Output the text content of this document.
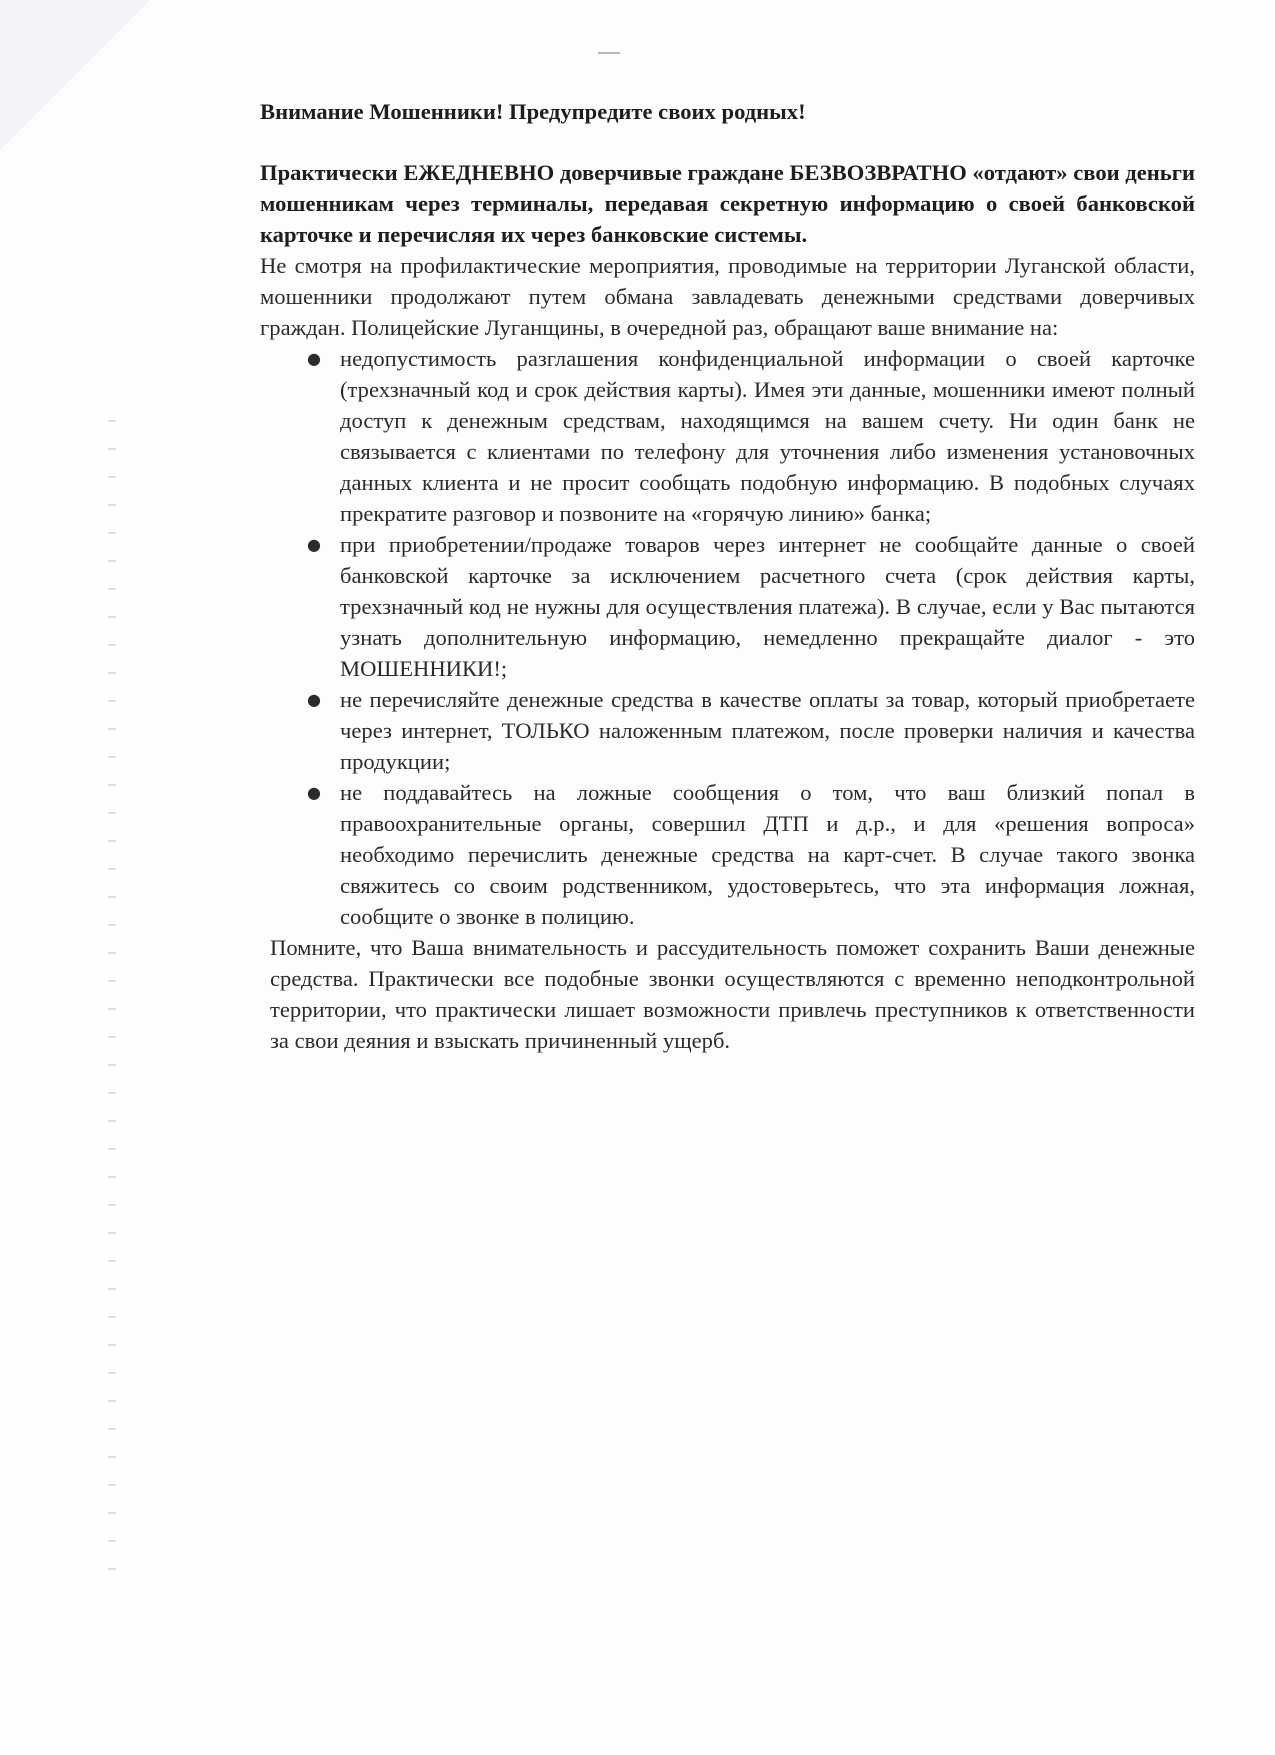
Внимание Мошенники! Предупредите своих родных!

Практически ЕЖЕДНЕВНО доверчивые граждане БЕЗВОЗВРАТНО «отдают» свои деньги мошенникам через терминалы, передавая секретную информацию о своей банковской карточке и перечисляя их через банковские системы.

Не смотря на профилактические мероприятия, проводимые на территории Луганской области, мошенники продолжают путем обмана завладевать денежными средствами доверчивых граждан. Полицейские Луганщины, в очередной раз, обращают ваше внимание на:

● недопустимость разглашения конфиденциальной информации о своей карточке (трехзначный код и срок действия карты). Имея эти данные, мошенники имеют полный доступ к денежным средствам, находящимся на вашем счету. Ни один банк не связывается с клиентами по телефону для уточнения либо изменения установочных данных клиента и не просит сообщать подобную информацию. В подобных случаях прекратите разговор и позвоните на «горячую линию» банка;
● при приобретении/продаже товаров через интернет не сообщайте данные о своей банковской карточке за исключением расчетного счета (срок действия карты, трехзначный код не нужны для осуществления платежа). В случае, если у Вас пытаются узнать дополнительную информацию, немедленно прекращайте диалог - это МОШЕННИКИ!;
● не перечисляйте денежные средства в качестве оплаты за товар, который приобретаете через интернет, ТОЛЬКО наложенным платежом, после проверки наличия и качества продукции;
● не поддавайтесь на ложные сообщения о том, что ваш близкий попал в правоохранительные органы, совершил ДТП и д.р., и для «решения вопроса» необходимо перечислить денежные средства на карт-счет. В случае такого звонка свяжитесь со своим родственником, удостоверьтесь, что эта информация ложная, сообщите о звонке в полицию.

Помните, что Ваша внимательность и рассудительность поможет сохранить Ваши денежные средства. Практически все подобные звонки осуществляются с временно неподконтрольной территории, что практически лишает возможности привлечь преступников к ответственности за свои деяния и взыскать причиненный ущерб.
